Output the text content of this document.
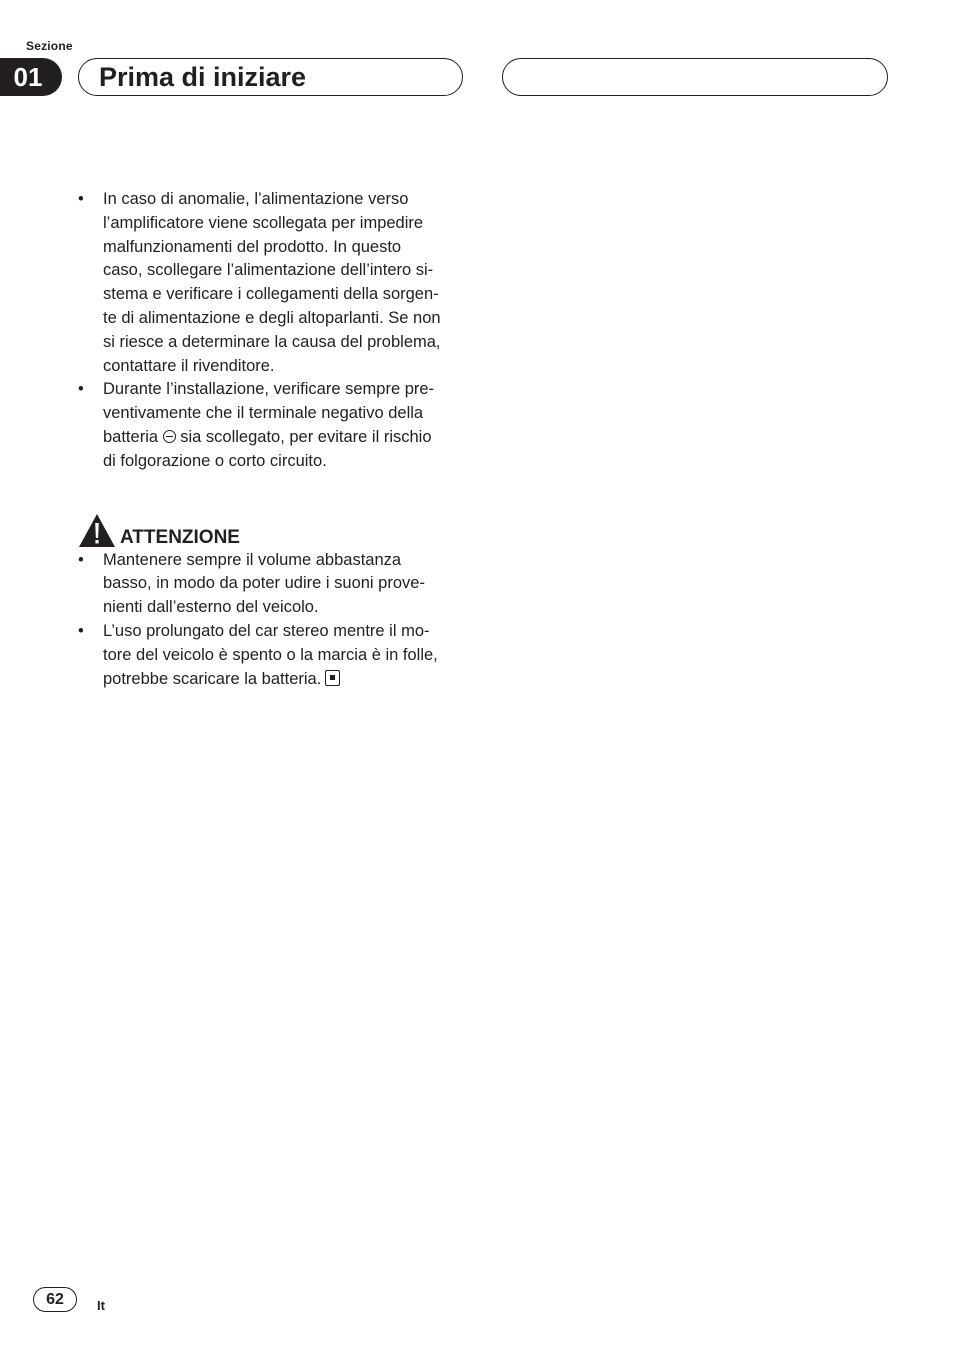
Sezione
01	Prima di iniziare
• In caso di anomalie, l’alimentazione verso
l’amplificatore viene scollegata per impedire
malfunzionamenti del prodotto. In questo
caso, scollegare l’alimentazione dell’intero si-
stema e verificare i collegamenti della sorgen-
te di alimentazione e degli altoparlanti. Se non
si riesce a determinare la causa del problema,
contattare il rivenditore.
• Durante l’installazione, verificare sempre pre-
ventivamente che il terminale negativo della
batteria sia scollegato, per evitare il rischio
di folgorazione o corto circuito.
ATTENZIONE
• Mantenere sempre il volume abbastanza
basso, in modo da poter udire i suoni prove-
nienti dall’esterno del veicolo.
• L’uso prolungato del car stereo mentre il mo-
tore del veicolo è spento o la marcia è in folle,
potrebbe scaricare la batteria.
62	It
